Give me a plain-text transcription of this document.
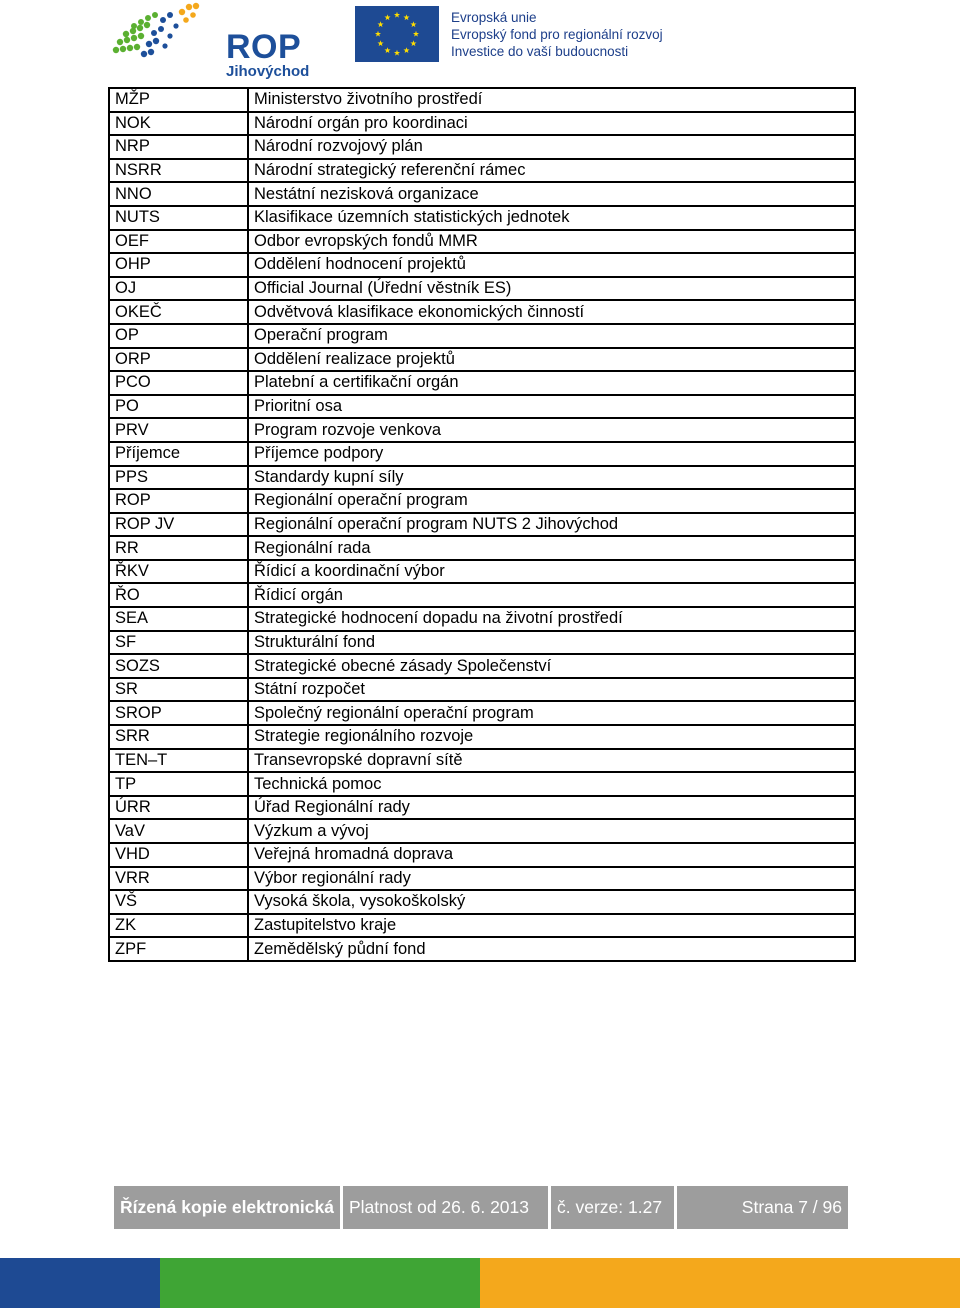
ROP
Jihovýchod
Evropská unie
Evropský fond pro regionální rozvoj
Investice do vaší budoucnosti
MŽP	Ministerstvo životního prostředí
NOK	Národní orgán pro koordinaci
NRP	Národní rozvojový plán
NSRR	Národní strategický referenční rámec
NNO	Nestátní nezisková organizace
NUTS	Klasifikace územních statistických jednotek
OEF	Odbor evropských fondů MMR
OHP	Oddělení hodnocení projektů
OJ	Official Journal (Úřední věstník ES)
OKEČ	Odvětvová klasifikace ekonomických činností
OP	Operační program
ORP	Oddělení realizace projektů
PCO	Platební a certifikační orgán
PO	Prioritní osa
PRV	Program rozvoje venkova
Příjemce	Příjemce podpory
PPS	Standardy kupní síly
ROP	Regionální operační program
ROP JV	Regionální operační program NUTS 2 Jihovýchod
RR	Regionální rada
ŘKV	Řídicí a koordinační výbor
ŘO	Řídicí orgán
SEA	Strategické hodnocení dopadu na životní prostředí
SF	Strukturální fond
SOZS	Strategické obecné zásady Společenství
SR	Státní rozpočet
SROP	Společný regionální operační program
SRR	Strategie regionálního rozvoje
TEN–T	Transevropské dopravní sítě
TP	Technická pomoc
ÚRR	Úřad Regionální rady
VaV	Výzkum a vývoj
VHD	Veřejná hromadná doprava
VRR	Výbor regionální rady
VŠ	Vysoká škola, vysokoškolský
ZK	Zastupitelstvo kraje
ZPF	Zemědělský půdní fond
Řízená kopie elektronická Platnost od 26. 6. 2013	č. verze: 1.27	Strana 7 / 96
